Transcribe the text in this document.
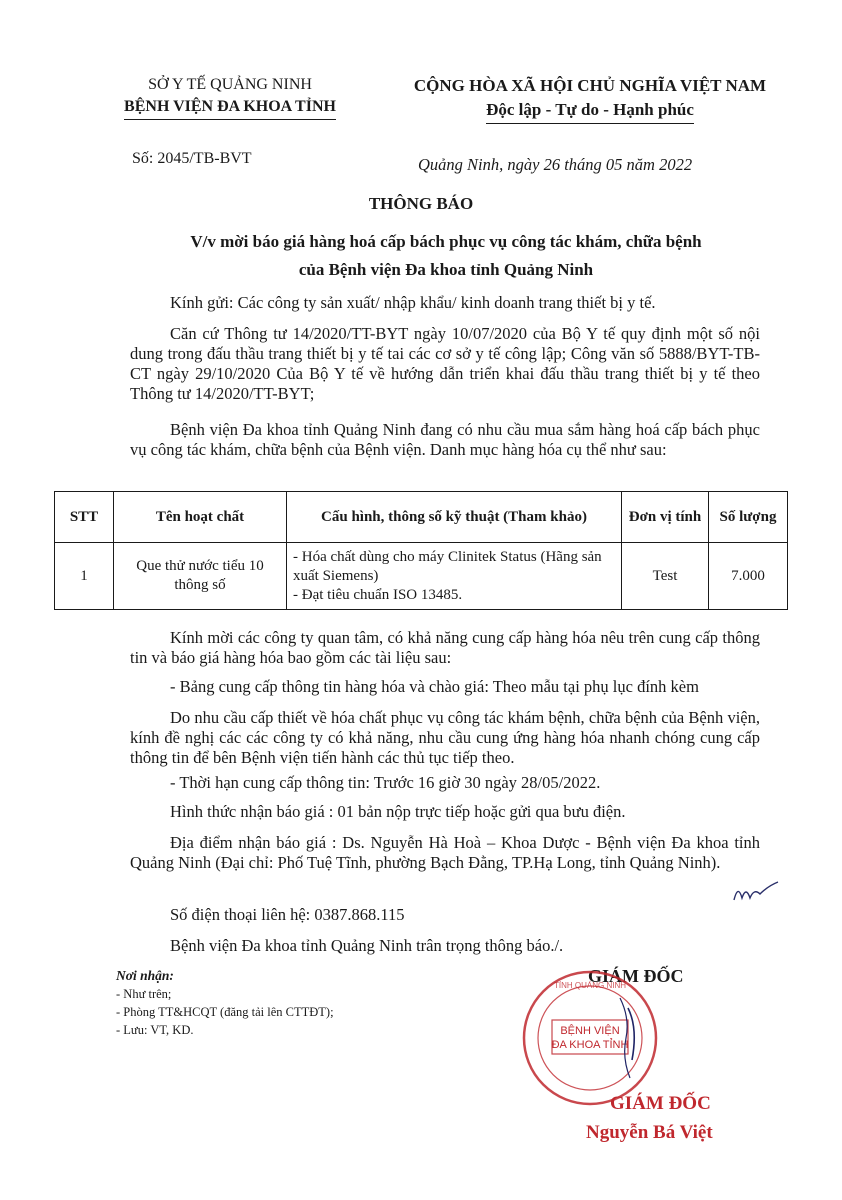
SỞ Y TẾ QUẢNG NINH
BỆNH VIỆN ĐA KHOA TỈNH
CỘNG HÒA XÃ HỘI CHỦ NGHĨA VIỆT NAM
Độc lập - Tự do - Hạnh phúc
Số: 2045/TB-BVT	Quảng Ninh, ngày 26 tháng 05 năm 2022
THÔNG BÁO
V/v mời báo giá hàng hoá cấp bách phục vụ công tác khám, chữa bệnh
của Bệnh viện Đa khoa tỉnh Quảng Ninh
Kính gửi: Các công ty sản xuất/ nhập khẩu/ kinh doanh trang thiết bị y tế.
Căn cứ Thông tư 14/2020/TT-BYT ngày 10/07/2020 của Bộ Y tế quy định một số nội dung trong đấu thầu trang thiết bị y tế tai các cơ sở y tế công lập; Công văn số 5888/BYT-TB-CT ngày 29/10/2020 Của Bộ Y tế về hướng dẫn triển khai đấu thầu trang thiết bị y tế theo Thông tư 14/2020/TT-BYT;
Bệnh viện Đa khoa tỉnh Quảng Ninh đang có nhu cầu mua sắm hàng hoá cấp bách phục vụ công tác khám, chữa bệnh của Bệnh viện. Danh mục hàng hóa cụ thể như sau:
STT	Tên hoạt chất	Cấu hình, thông số kỹ thuật (Tham khảo)	Đơn vị tính	Số lượng
1	Que thử nước tiểu 10 thông số	- Hóa chất dùng cho máy Clinitek Status (Hãng sản xuất Siemens)
- Đạt tiêu chuẩn ISO 13485.	Test	7.000
Kính mời các công ty quan tâm, có khả năng cung cấp hàng hóa nêu trên cung cấp thông tin và báo giá hàng hóa bao gồm các tài liệu sau:
- Bảng cung cấp thông tin hàng hóa và chào giá: Theo mẫu tại phụ lục đính kèm
Do nhu cầu cấp thiết về hóa chất phục vụ công tác khám bệnh, chữa bệnh của Bệnh viện, kính đề nghị các các công ty có khả năng, nhu cầu cung ứng hàng hóa nhanh chóng cung cấp thông tin để bên Bệnh viện tiến hành các thủ tục tiếp theo.
- Thời hạn cung cấp thông tin: Trước 16 giờ 30 ngày 28/05/2022.
Hình thức nhận báo giá : 01 bản nộp trực tiếp hoặc gửi qua bưu điện.
Địa điểm nhận báo giá : Ds. Nguyễn Hà Hoà – Khoa Dược - Bệnh viện Đa khoa tỉnh Quảng Ninh (Đại chỉ: Phố Tuệ Tĩnh, phường Bạch Đằng, TP.Hạ Long, tỉnh Quảng Ninh).
Số điện thoại liên hệ: 0387.868.115
Bệnh viện Đa khoa tỉnh Quảng Ninh trân trọng thông báo./.
Nơi nhận:
- Như trên;
- Phòng TT&HCQT (đăng tải lên CTTĐT);
- Lưu: VT, KD.
GIÁM ĐỐC
BỆNH VIỆN
ĐA KHOA TỈNH
TỈNH QUẢNG NINH
GIÁM ĐỐC
Nguyễn Bá Việt
